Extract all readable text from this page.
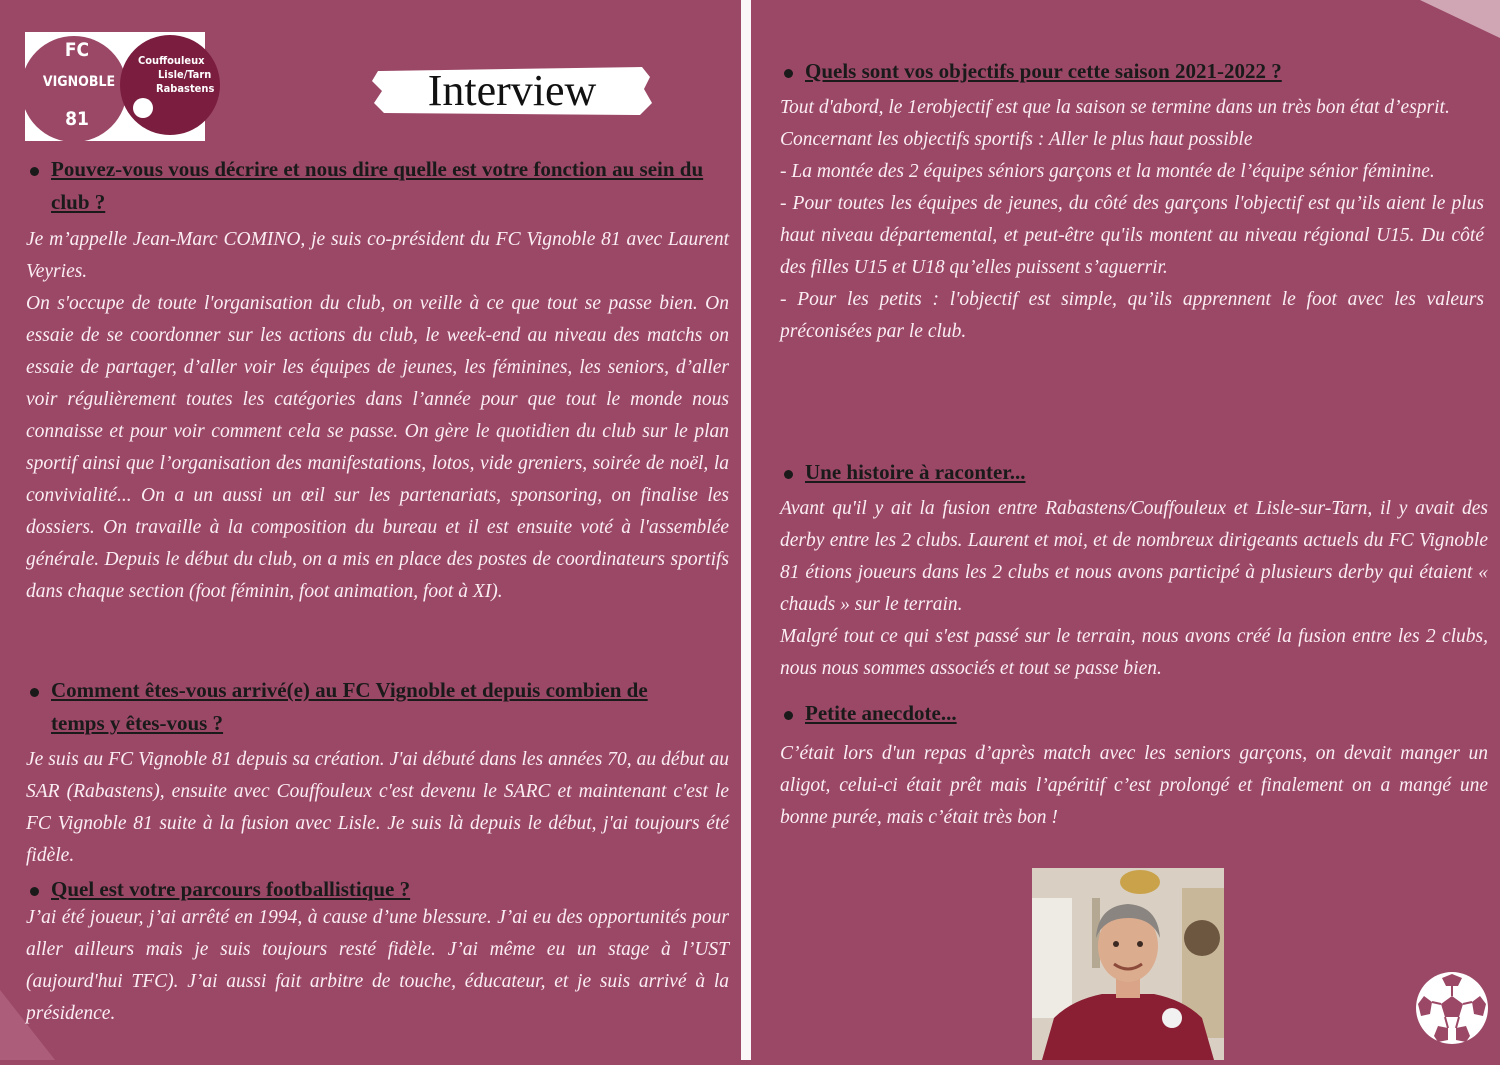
FC
VIGNOBLE
81
Couffouleux
Lisle/Tarn
Rabastens	Interview
Pouvez-vous vous décrire et nous dire quelle est votre fonction au sein du club ?

Je m’appelle Jean-Marc COMINO, je suis co-président du FC Vignoble 81 avec Laurent Veyries.

On s'occupe de toute l'organisation du club, on veille à ce que tout se passe bien. On essaie de se coordonner sur les actions du club, le week-end au niveau des matchs on essaie de partager, d’aller voir les équipes de jeunes, les féminines, les seniors, d’aller voir régulièrement toutes les catégories dans l’année pour que tout le monde nous connaisse et pour voir comment cela se passe. On gère le quotidien du club sur le plan sportif ainsi que l’organisation des manifestations, lotos, vide greniers, soirée de noël, la convivialité... On a un aussi un œil sur les partenariats, sponsoring, on finalise les dossiers. On travaille à la composition du bureau et il est ensuite voté à l'assemblée générale. Depuis le début du club, on a mis en place des postes de coordinateurs sportifs dans chaque section (foot féminin, foot animation, foot à XI).

Comment êtes-vous arrivé(e) au FC Vignoble et depuis combien de temps y êtes-vous ?

Je suis au FC Vignoble 81 depuis sa création. J'ai débuté dans les années 70, au début au SAR (Rabastens), ensuite avec Couffouleux c'est devenu le SARC et maintenant c'est le FC Vignoble 81 suite à la fusion avec Lisle. Je suis là depuis le début, j'ai toujours été fidèle.

Quel est votre parcours footballistique ?

J’ai été joueur, j’ai arrêté en 1994, à cause d’une blessure. J’ai eu des opportunités pour aller ailleurs mais je suis toujours resté fidèle. J’ai même eu un stage à l’UST (aujourd'hui TFC). J’ai aussi fait arbitre de touche, éducateur, et je suis arrivé à la présidence.

Quels sont vos objectifs pour cette saison 2021-2022 ?

Tout d'abord, le 1erobjectif est que la saison se termine dans un très bon état d’esprit.

Concernant les objectifs sportifs : Aller le plus haut possible

- La montée des 2 équipes séniors garçons et la montée de l’équipe sénior féminine.

- Pour toutes les équipes de jeunes, du côté des garçons l'objectif est qu’ils aient le plus haut niveau départemental, et peut-être qu'ils montent au niveau régional U15. Du côté des filles U15 et U18 qu’elles puissent s’aguerrir.

- Pour les petits : l'objectif est simple, qu’ils apprennent le foot avec les valeurs préconisées par le club.

Une histoire à raconter...

Avant qu'il y ait la fusion entre Rabastens/Couffouleux et Lisle-sur-Tarn, il y avait des derby entre les 2 clubs. Laurent et moi, et de nombreux dirigeants actuels du FC Vignoble 81 étions joueurs dans les 2 clubs et nous avons participé à plusieurs derby qui étaient « chauds » sur le terrain.

Malgré tout ce qui s'est passé sur le terrain, nous avons créé la fusion entre les 2 clubs, nous nous sommes associés et tout se passe bien.

Petite anecdote...

C’était lors d'un repas d’après match avec les seniors garçons, on devait manger un aligot, celui-ci était prêt mais l’apéritif c’est prolongé et finalement on a mangé une bonne purée, mais c’était très bon !
